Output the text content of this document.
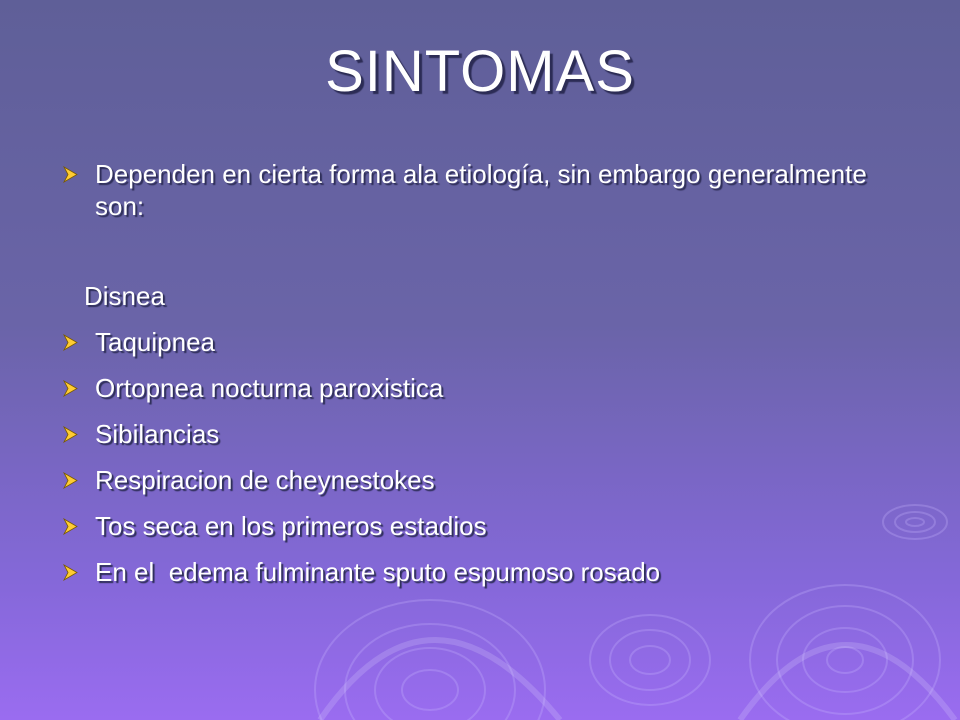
SINTOMAS
Dependen en cierta forma ala etiología, sin embargo generalmente son:
Disnea
Taquipnea
Ortopnea nocturna paroxistica
Sibilancias
Respiracion de cheynestokes
Tos seca en los primeros estadios
En el  edema fulminante sputo espumoso rosado
